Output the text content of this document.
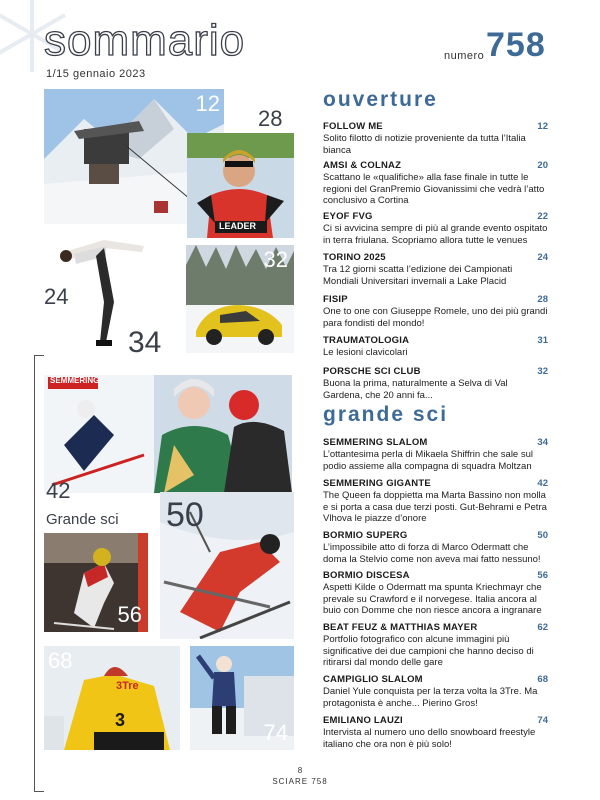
sommario
1/15 gennaio 2023
numero 758
12
LEADER
28
24
32
34
SEMMERING
42
Grande sci 50
56
3Tre
3
68
74
ouverture
FOLLOW ME	12
Solito filotto di notizie proveniente da tutta l’Italia bianca
AMSI & COLNAZ	20
Scattano le «qualifiche» alla fase finale in tutte le regioni del GranPremio Giovanissimi che vedrà l’atto conclusivo a Cortina
EYOF FVG	22
Ci si avvicina sempre di più al grande evento ospitato in terra friulana. Scopriamo allora tutte le venues
TORINO 2025	24
Tra 12 giorni scatta l’edizione dei Campionati Mondiali Universitari invernali a Lake Placid
FISIP	28
One to one con Giuseppe Romele, uno dei più grandi para fondisti del mondo!
TRAUMATOLOGIA	31
Le lesioni clavicolari
PORSCHE SCI CLUB	32
Buona la prima, naturalmente a Selva di Val Gardena, che 20 anni fa...
grande sci
SEMMERING SLALOM	34
L’ottantesima perla di Mikaela Shiffrin che sale sul podio assieme alla compagna di squadra Moltzan
SEMMERING GIGANTE	42
The Queen fa doppietta ma Marta Bassino non molla e si porta a casa due terzi posti. Gut-Behrami e Petra Vlhova le piazze d’onore
BORMIO SUPERG	50
L’impossibile atto di forza di Marco Odermatt che doma la Stelvio come non aveva mai fatto nessuno!
BORMIO DISCESA	56
Aspetti Kilde o Odermatt ma spunta Kriechmayr che prevale su Crawford e il norvegese. Italia ancora al buio con Domme che non riesce ancora a ingranare
BEAT FEUZ & MATTHIAS MAYER	62
Portfolio fotografico con alcune immagini più significative dei due campioni che hanno deciso di ritirarsi dal mondo delle gare
CAMPIGLIO SLALOM	68
Daniel Yule conquista per la terza volta la 3Tre. Ma protagonista è anche... Pierino Gros!
EMILIANO LAUZI	74
Intervista al numero uno dello snowboard freestyle italiano che ora non è più solo!
8
SCIARE 758
